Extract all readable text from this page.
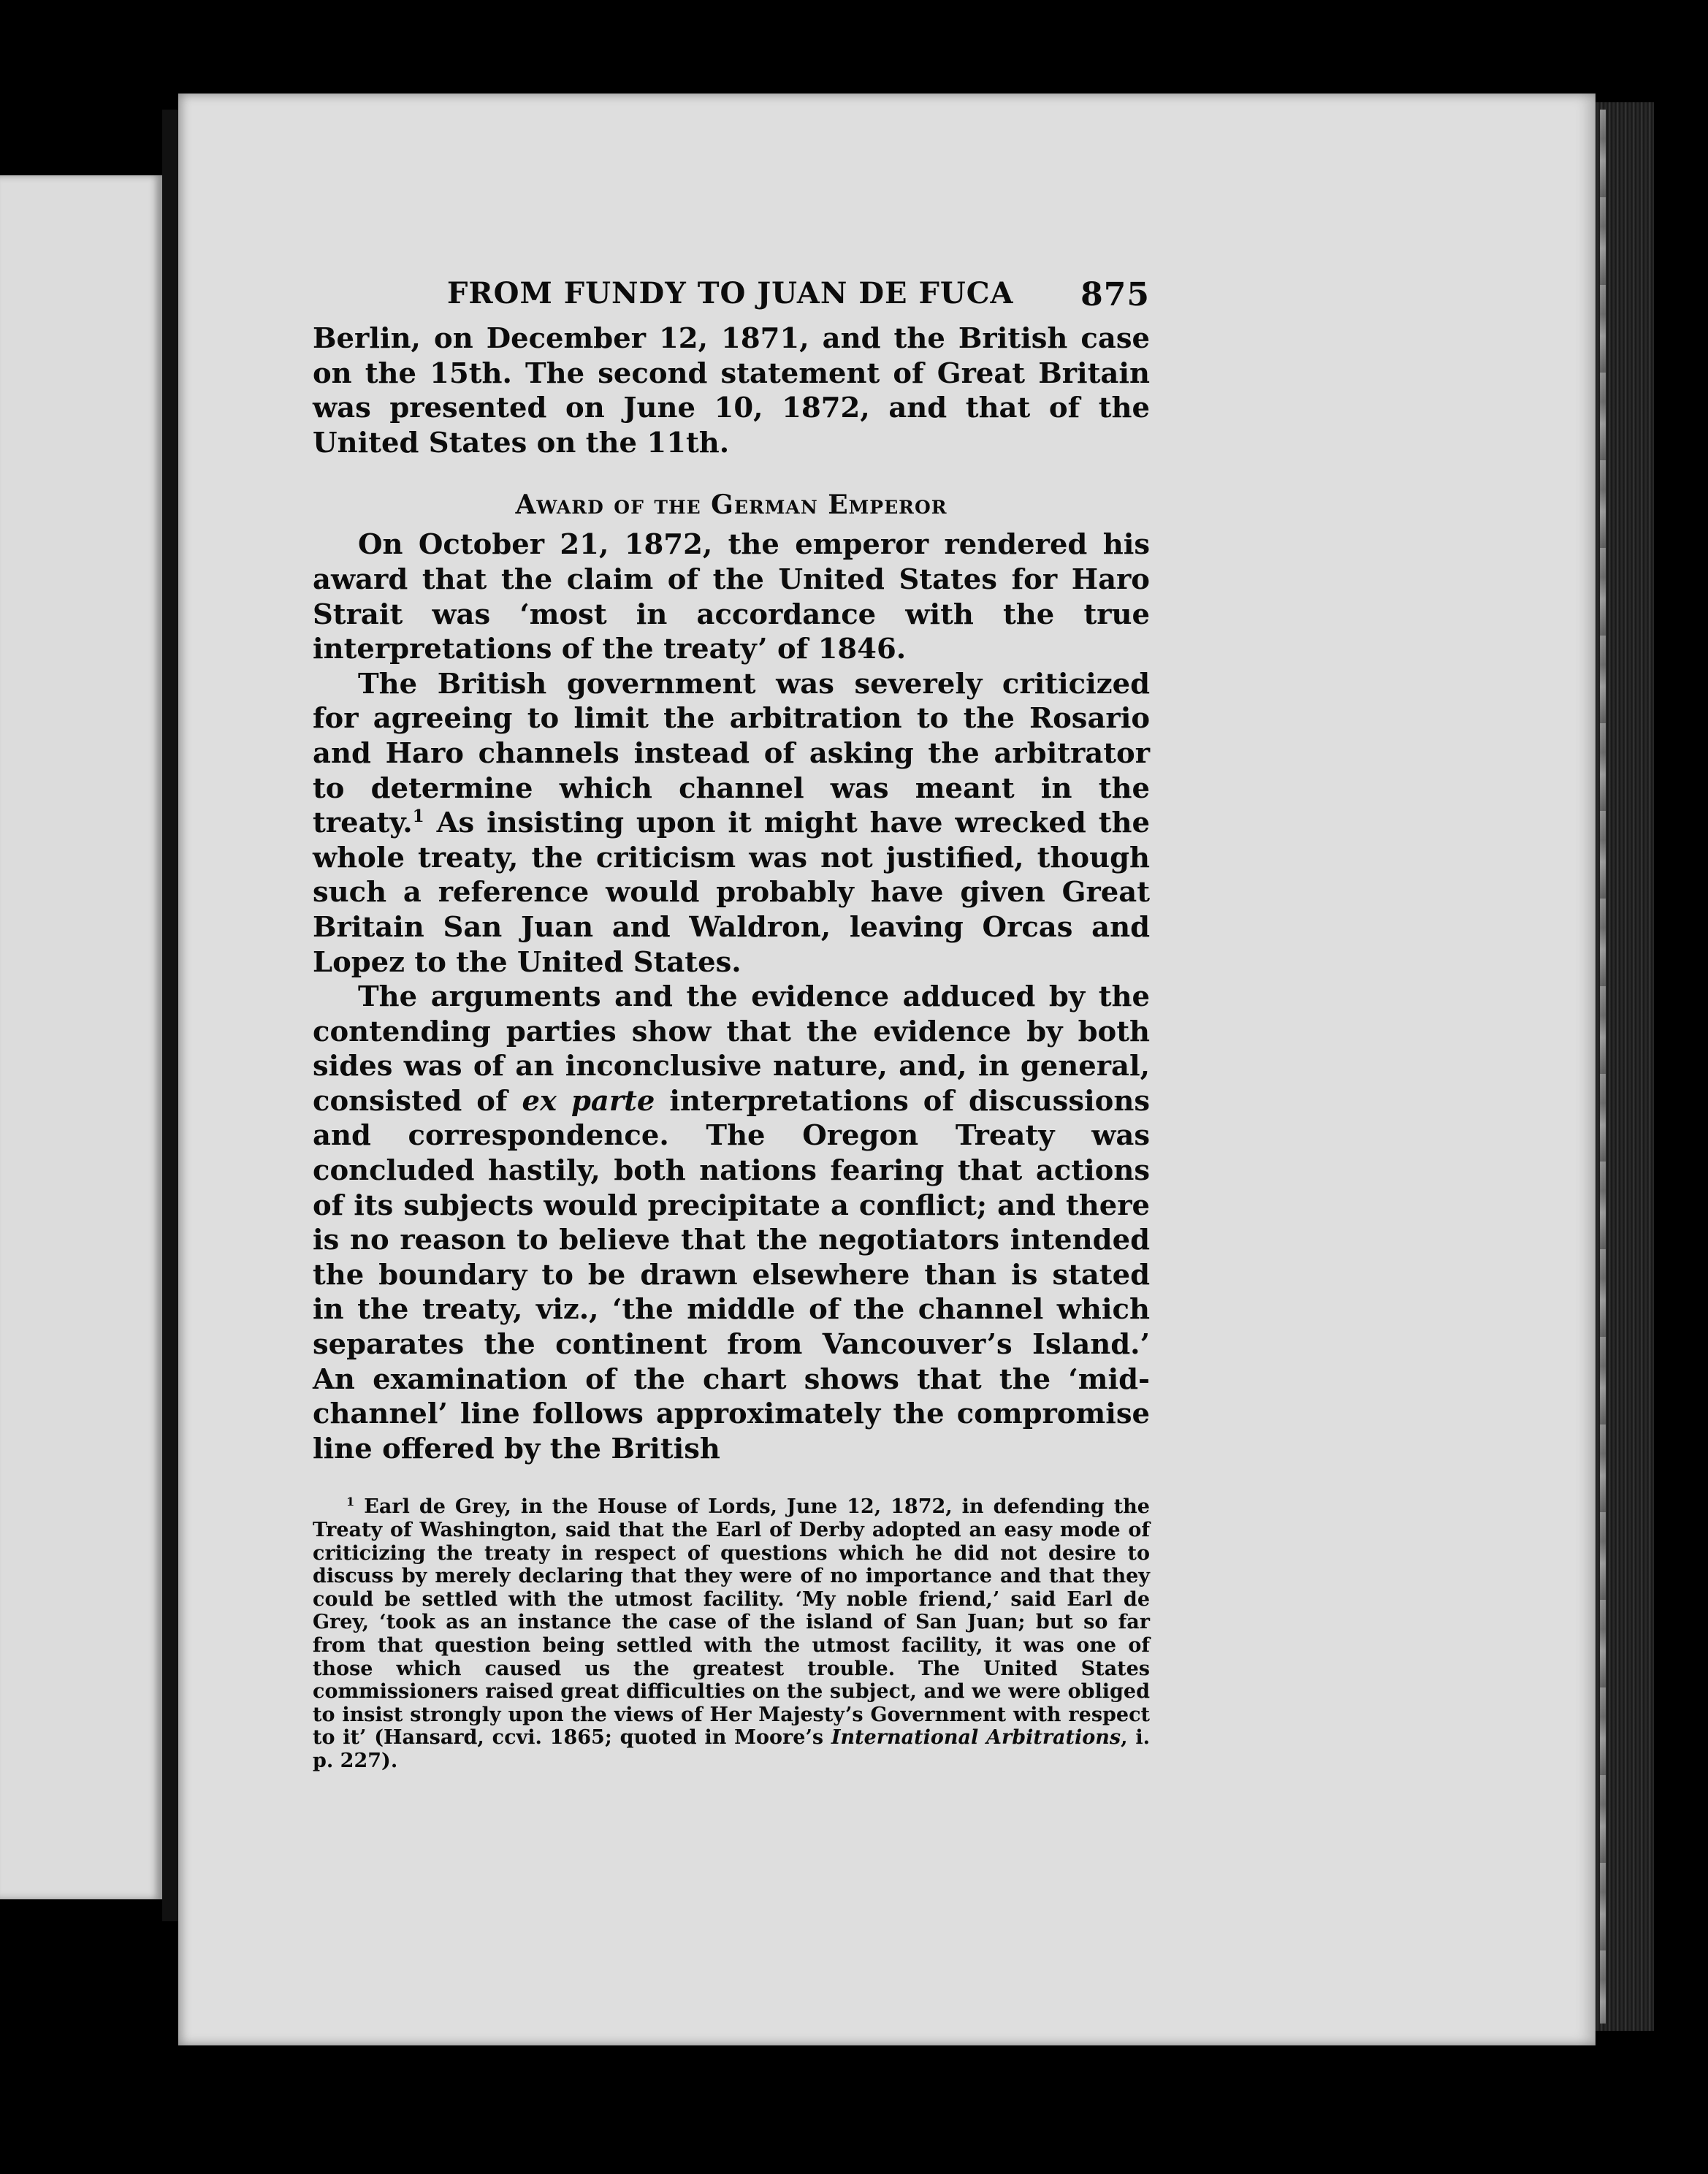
FROM FUNDY TO JUAN DE FUCA 875

Berlin, on December 12, 1871, and the British case on the 15th. The second statement of Great Britain was presented on June 10, 1872, and that of the United States on the 11th.

Award of the German Emperor

On October 21, 1872, the emperor rendered his award that the claim of the United States for Haro Strait was ‘most in accordance with the true interpretations of the treaty’ of 1846.

The British government was severely criticized for agreeing to limit the arbitration to the Rosario and Haro channels instead of asking the arbitrator to determine which channel was meant in the treaty.$^1$ As insisting upon it might have wrecked the whole treaty, the criticism was not justified, though such a reference would probably have given Great Britain San Juan and Waldron, leaving Orcas and Lopez to the United States.

The arguments and the evidence adduced by the contending parties show that the evidence by both sides was of an inconclusive nature, and, in general, consisted of ex parte interpretations of discussions and correspondence. The Oregon Treaty was concluded hastily, both nations fearing that actions of its subjects would precipitate a conflict; and there is no reason to believe that the negotiators intended the boundary to be drawn elsewhere than is stated in the treaty, viz., ‘the middle of the channel which separates the continent from Vancouver’s Island.’ An examination of the chart shows that the ‘mid-channel’ line follows approximately the compromise line offered by the British

$^1$ Earl de Grey, in the House of Lords, June 12, 1872, in defending the Treaty of Washington, said that the Earl of Derby adopted an easy mode of criticizing the treaty in respect of questions which he did not desire to discuss by merely declaring that they were of no importance and that they could be settled with the utmost facility. ‘My noble friend,’ said Earl de Grey, ‘took as an instance the case of the island of San Juan; but so far from that question being settled with the utmost facility, it was one of those which caused us the greatest trouble. The United States commissioners raised great difficulties on the subject, and we were obliged to insist strongly upon the views of Her Majesty’s Government with respect to it’ (Hansard, ccvi. 1865; quoted in Moore’s International Arbitrations, i. p. 227).
